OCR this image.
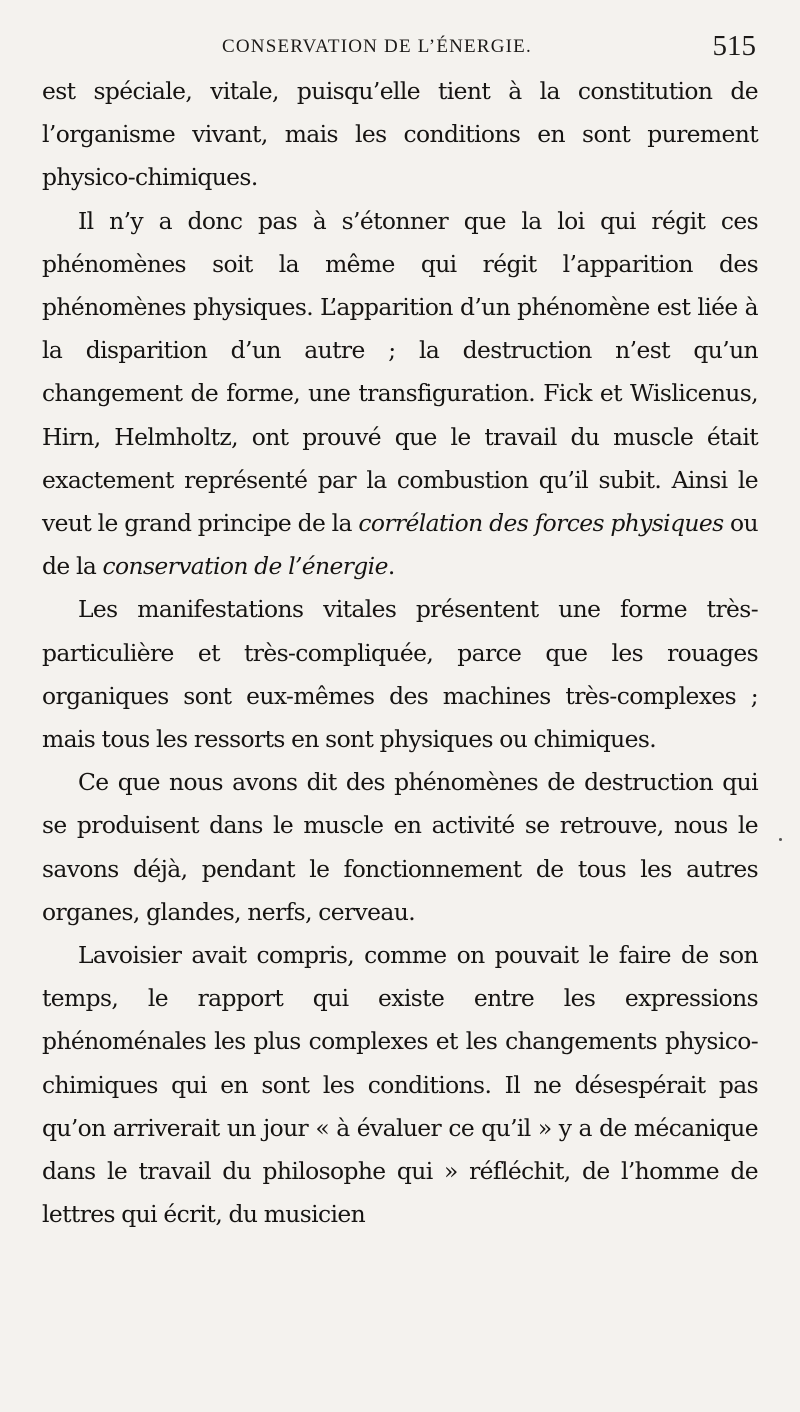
CONSERVATION DE L’ÉNERGIE.	515

est spéciale, vitale, puisqu’elle tient à la constitution de l’organisme vivant, mais les conditions en sont purement physico-chimiques.

Il n’y a donc pas à s’étonner que la loi qui régit ces phénomènes soit la même qui régit l’apparition des phénomènes physiques. L’apparition d’un phénomène est liée à la disparition d’un autre ; la destruction n’est qu’un changement de forme, une transfiguration. Fick et Wislicenus, Hirn, Helmholtz, ont prouvé que le travail du muscle était exactement représenté par la combustion qu’il subit. Ainsi le veut le grand principe de la corrélation des forces physiques ou de la conservation de l’énergie.

Les manifestations vitales présentent une forme très-particulière et très-compliquée, parce que les rouages organiques sont eux-mêmes des machines très-complexes ; mais tous les ressorts en sont physiques ou chimiques.

Ce que nous avons dit des phénomènes de destruction qui se produisent dans le muscle en activité se retrouve, nous le savons déjà, pendant le fonctionnement de tous les autres organes, glandes, nerfs, cerveau.

Lavoisier avait compris, comme on pouvait le faire de son temps, le rapport qui existe entre les expressions phénoménales les plus complexes et les changements physico-chimiques qui en sont les conditions. Il ne désespérait pas qu’on arriverait un jour « à évaluer ce qu’il » y a de mécanique dans le travail du philosophe qui » réfléchit, de l’homme de lettres qui écrit, du musicien
